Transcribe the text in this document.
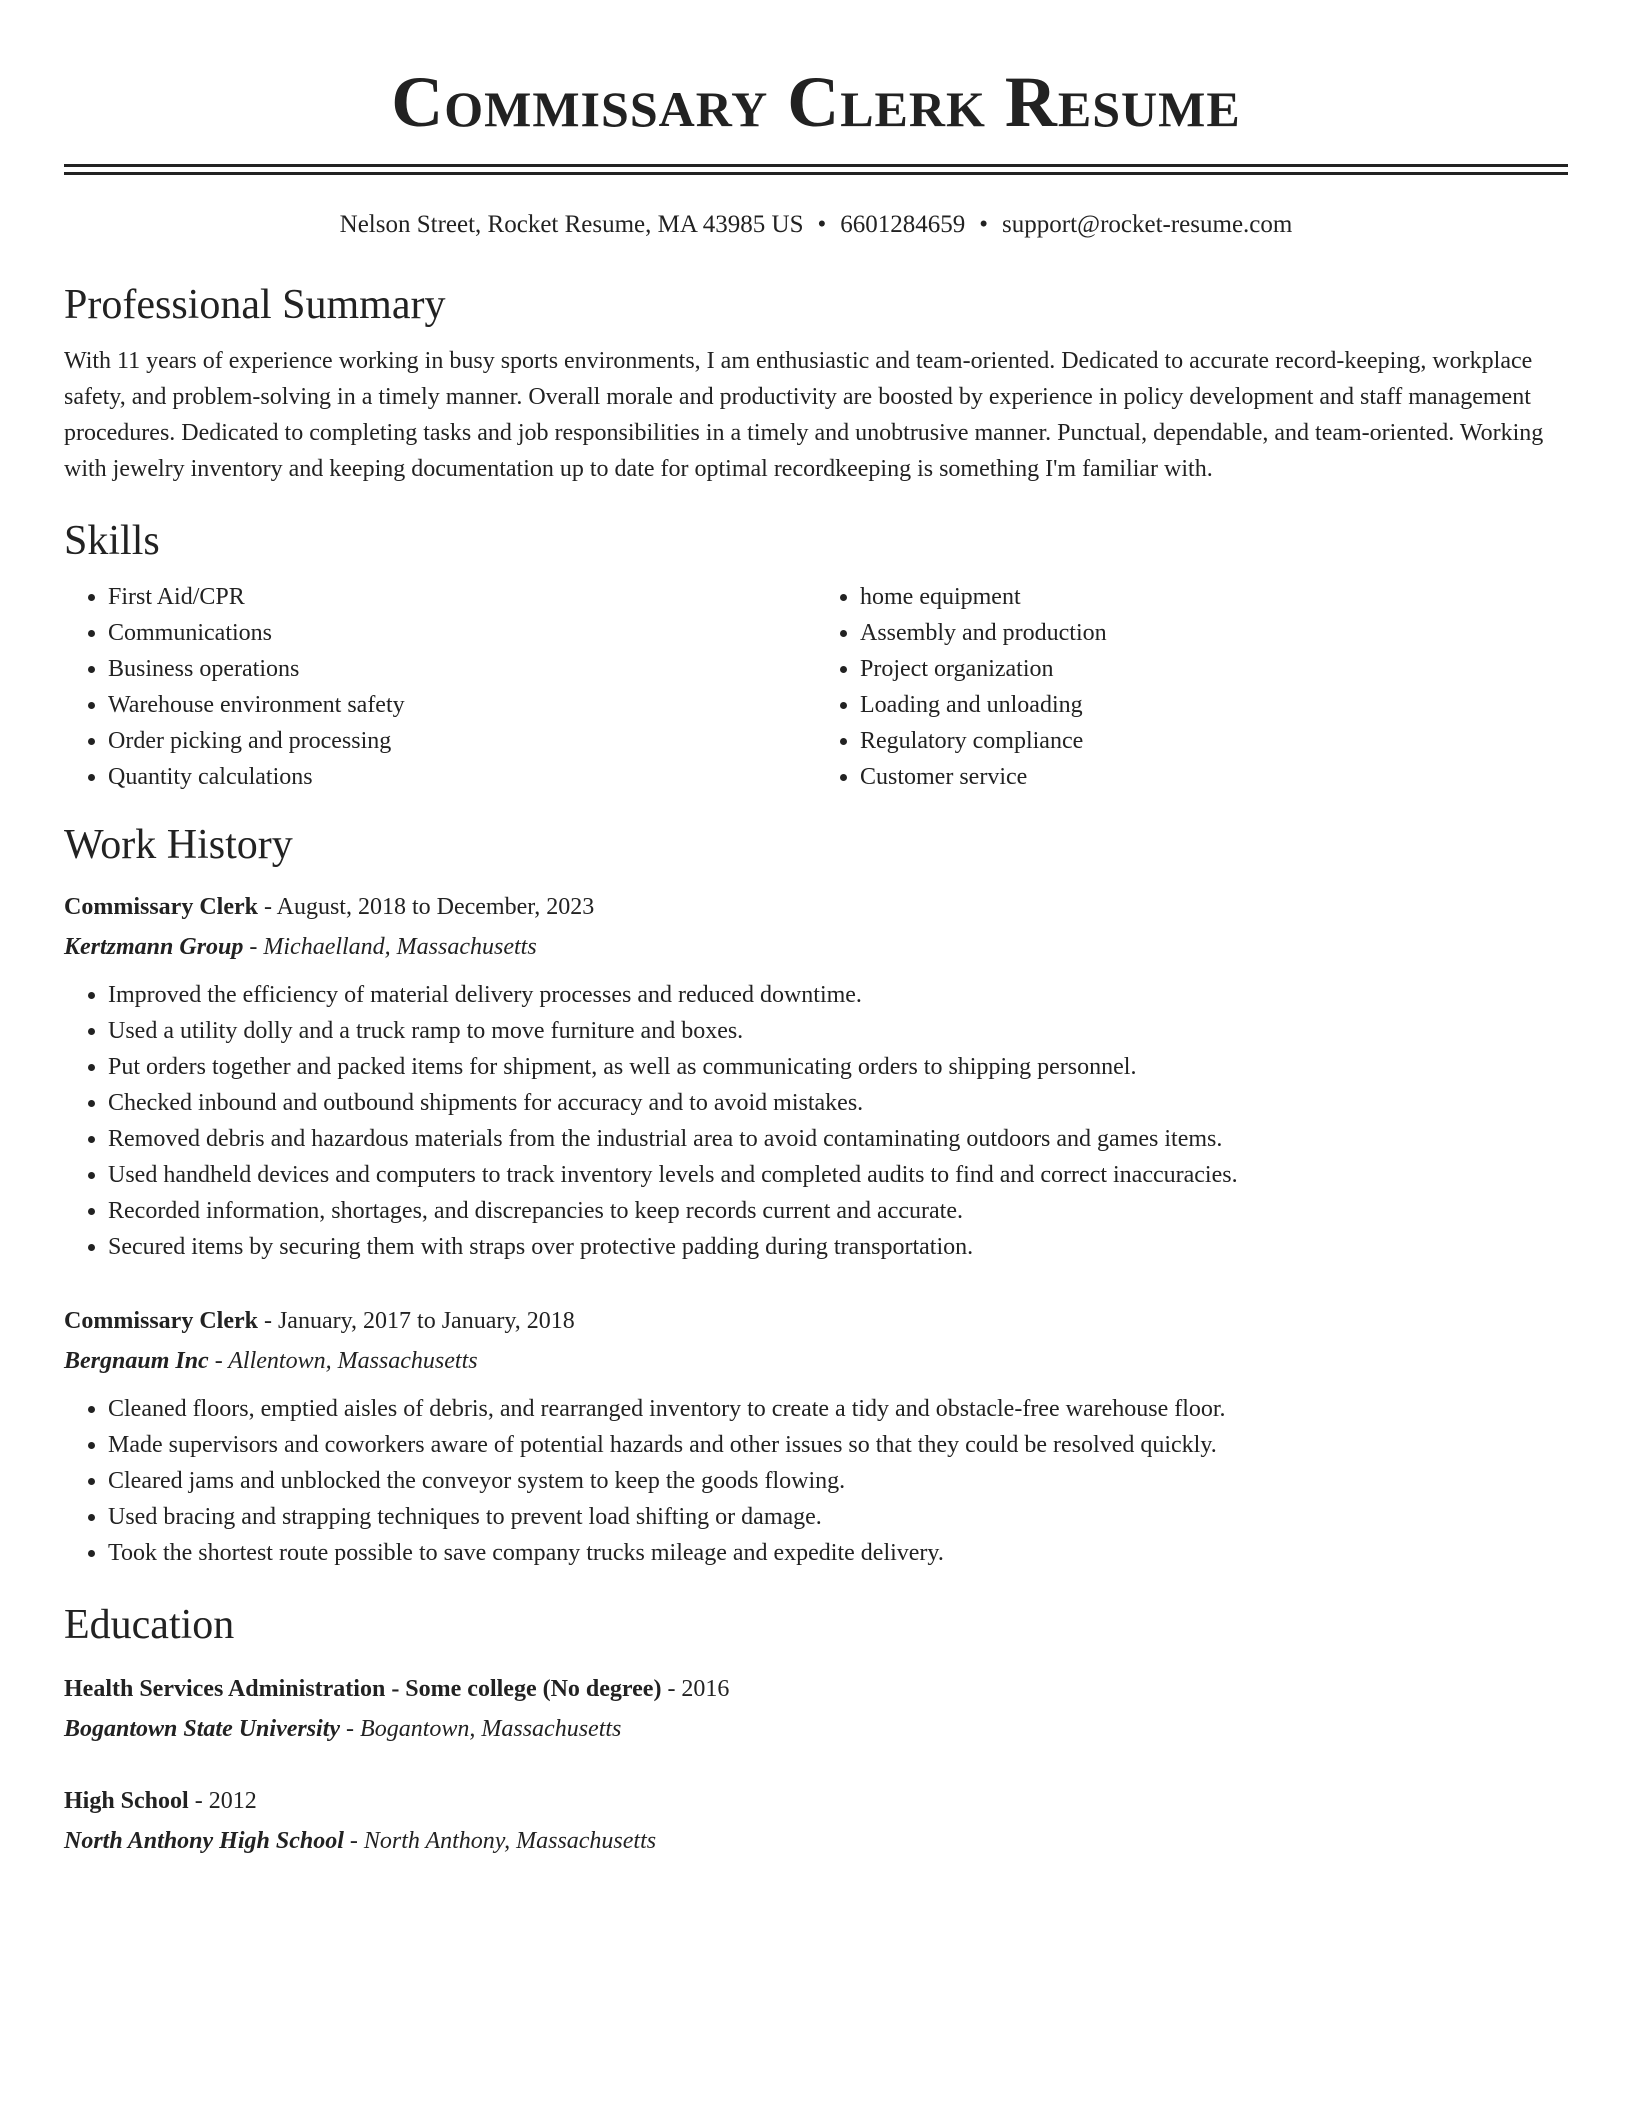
Commissary Clerk Resume
Nelson Street, Rocket Resume, MA 43985 US • 6601284659 • support@rocket-resume.com
Professional Summary

With 11 years of experience working in busy sports environments, I am enthusiastic and team-oriented. Dedicated to accurate record-keeping, workplace safety, and problem-solving in a timely manner. Overall morale and productivity are boosted by experience in policy development and staff management procedures. Dedicated to completing tasks and job responsibilities in a timely and unobtrusive manner. Punctual, dependable, and team-oriented. Working with jewelry inventory and keeping documentation up to date for optimal recordkeeping is something I'm familiar with.

Skills
• First Aid/CPR
• Communications
• Business operations
• Warehouse environment safety
• Order picking and processing
• Quantity calculations
• home equipment
• Assembly and production
• Project organization
• Loading and unloading
• Regulatory compliance
• Customer service
Work History
Commissary Clerk - August, 2018 to December, 2023
Kertzmann Group - Michaelland, Massachusetts
• Improved the efficiency of material delivery processes and reduced downtime.
• Used a utility dolly and a truck ramp to move furniture and boxes.
• Put orders together and packed items for shipment, as well as communicating orders to shipping personnel.
• Checked inbound and outbound shipments for accuracy and to avoid mistakes.
• Removed debris and hazardous materials from the industrial area to avoid contaminating outdoors and games items.
• Used handheld devices and computers to track inventory levels and completed audits to find and correct inaccuracies.
• Recorded information, shortages, and discrepancies to keep records current and accurate.
• Secured items by securing them with straps over protective padding during transportation.
Commissary Clerk - January, 2017 to January, 2018
Bergnaum Inc - Allentown, Massachusetts
• Cleaned floors, emptied aisles of debris, and rearranged inventory to create a tidy and obstacle-free warehouse floor.
• Made supervisors and coworkers aware of potential hazards and other issues so that they could be resolved quickly.
• Cleared jams and unblocked the conveyor system to keep the goods flowing.
• Used bracing and strapping techniques to prevent load shifting or damage.
• Took the shortest route possible to save company trucks mileage and expedite delivery.
Education
Health Services Administration - Some college (No degree) - 2016
Bogantown State University - Bogantown, Massachusetts
High School - 2012
North Anthony High School - North Anthony, Massachusetts
